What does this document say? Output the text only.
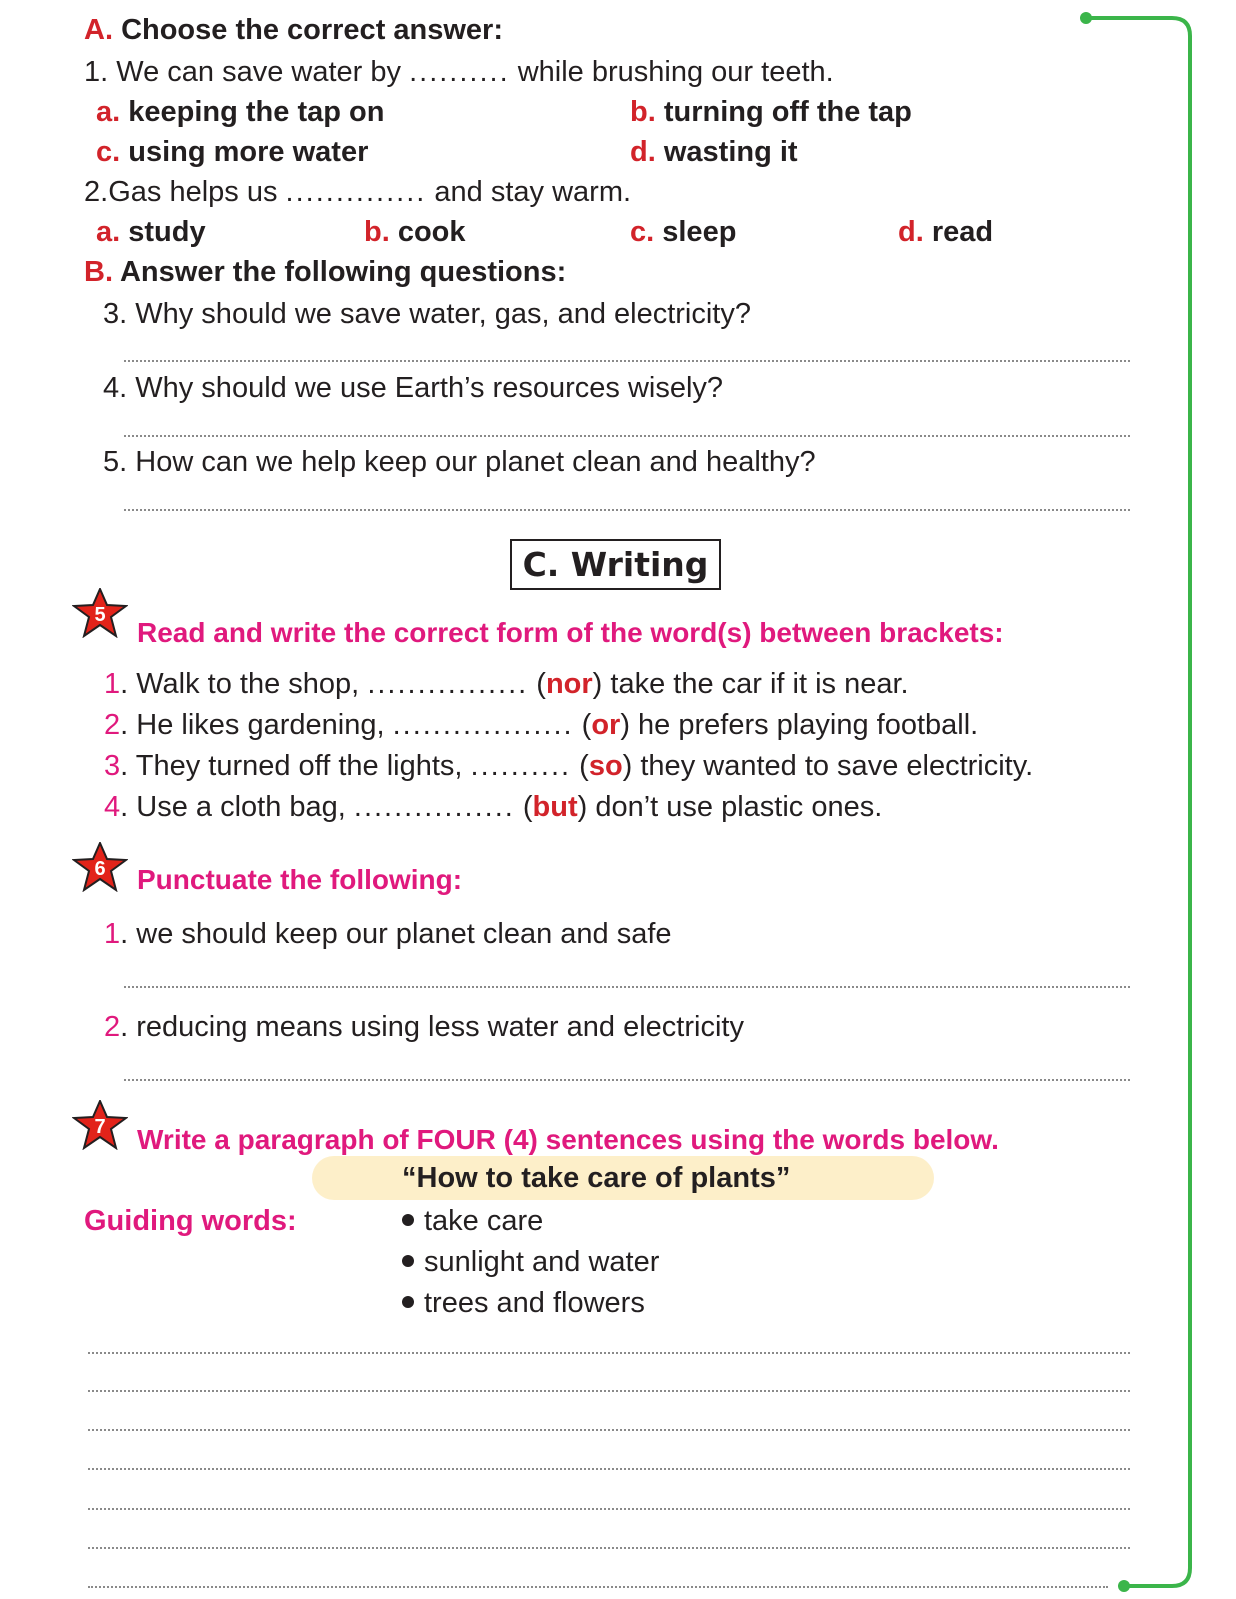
A. Choose the correct answer:
1. We can save water by .......... while brushing our teeth.
a. keeping the tap on	b. turning off the tap
c. using more water	d. wasting it
2.Gas helps us .............. and stay warm.
a. study	b. cook	c. sleep	d. read
B. Answer the following questions:
3. Why should we save water, gas, and electricity?
4. Why should we use Earth’s resources wisely?
5. How can we help keep our planet clean and healthy?
C. Writing
5
Read and write the correct form of the word(s) between brackets:
1. Walk to the shop, ................ (nor) take the car if it is near.
2. He likes gardening, .................. (or) he prefers playing football.
3. They turned off the lights, .......... (so) they wanted to save electricity.
4. Use a cloth bag, ................ (but) don’t use plastic ones.
6 Punctuate the following:
1. we should keep our planet clean and safe
2. reducing means using less water and electricity
7 Write a paragraph of FOUR (4) sentences using the words below.
“How to take care of plants”
Guiding words:	take care
sunlight and water
trees and flowers
